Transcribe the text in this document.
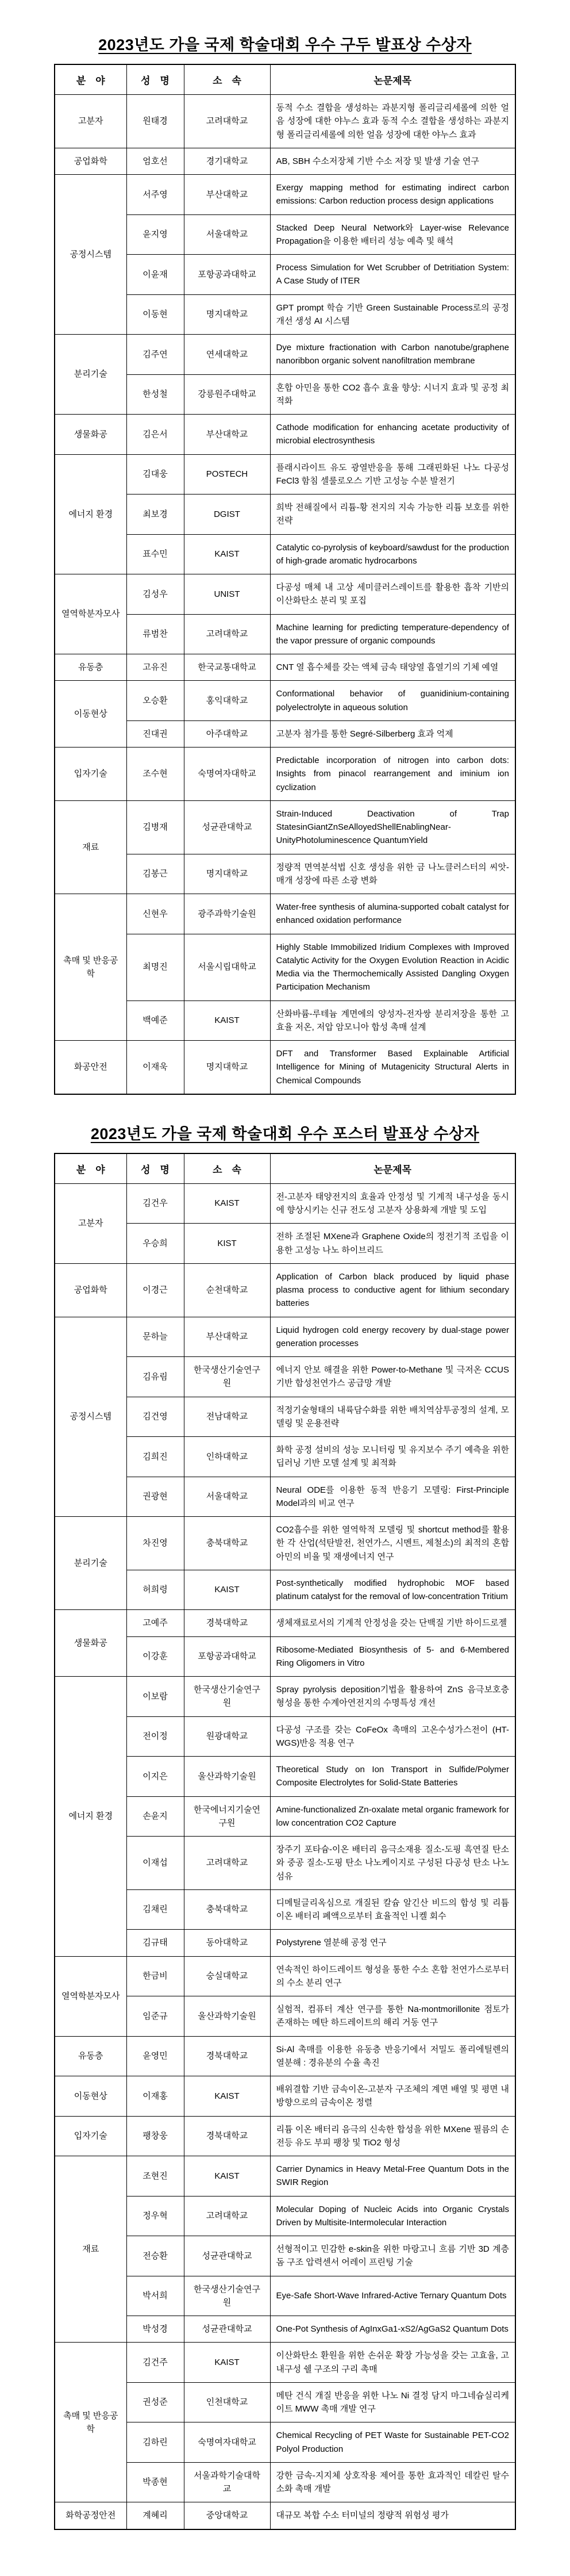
2023년도 가을 국제 학술대회 우수 구두 발표상 수상자
분　야	성　명	소　속	논문제목
고분자	원태경	고려대학교	동적 수소 결합을 생성하는 과분지형 폴리글리세롤에 의한 얼음 성장에 대한 야누스 효과 동적 수소 결합을 생성하는 과분지형 폴리글리세롤에 의한 얼음 성장에 대한 야누스 효과
공업화학	엄호선	경기대학교	AB, SBH 수소저장체 기반 수소 저장 및 발생 기술 연구
공정시스템	서주영	부산대학교	Exergy mapping method for estimating indirect carbon emissions: Carbon reduction process design applications
	윤지영	서울대학교	Stacked Deep Neural Network와 Layer-wise Relevance Propagation을 이용한 배터리 성능 예측 및 해석
	이윤재	포항공과대학교	Process Simulation for Wet Scrubber of Detritiation System: A Case Study of ITER
	이동현	명지대학교	GPT prompt 학습 기반 Green Sustainable Process로의 공정 개선 생성 AI 시스템
분리기술	김주연	연세대학교	Dye mixture fractionation with Carbon nanotube/graphene nanoribbon organic solvent nanofiltration membrane
	한성철	강릉원주대학교	혼합 아민을 통한 CO2 흡수 효율 향상: 시너지 효과 및 공정 최적화
생물화공	김은서	부산대학교	Cathode modification for enhancing acetate productivity of microbial electrosynthesis
에너지 환경	김대웅	POSTECH	플래시라이트 유도 광열반응을 통해 그래핀화된 나노 다공성 FeCl3 함침 셀룰로오스 기반 고성능 수분 발전기
	최보경	DGIST	희박 전해질에서 리튬-황 전지의 지속 가능한 리튬 보호를 위한 전략
	표수민	KAIST	Catalytic co-pyrolysis of keyboard/sawdust for the production of high-grade aromatic hydrocarbons
열역학분자모사	김성우	UNIST	다공성 매체 내 고상 세미클러스레이트를 활용한 흡착 기반의 이산화탄소 분리 및 포집
	류범찬	고려대학교	Machine learning for predicting temperature-dependency of the vapor pressure of organic compounds
유동층	고유진	한국교통대학교	CNT 열 흡수체를 갖는 액체 금속 태양열 흡열기의 기체 예열
이동현상	오승환	홍익대학교	Conformational behavior of guanidinium-containing polyelectrolyte in aqueous solution
	진대권	아주대학교	고분자 첨가를 통한 Segré-Silberberg 효과 억제
입자기술	조수현	숙명여자대학교	Predictable incorporation of nitrogen into carbon dots: Insights from pinacol rearrangement and iminium ion cyclization
재료	김병재	성균관대학교	Strain-Induced Deactivation of Trap StatesinGiantZnSeAlloyedShellEnablingNear-UnityPhotoluminescence QuantumYield
	김봉근	명지대학교	정량적 면역분석법 신호 생성을 위한 금 나노클러스터의 씨앗-매개 성장에 따른 소광 변화
촉매 및 반응공학	신현우	광주과학기술원	Water-free synthesis of alumina-supported cobalt catalyst for enhanced oxidation performance
	최명진	서울시립대학교	Highly Stable Immobilized Iridium Complexes with Improved Catalytic Activity for the Oxygen Evolution Reaction in Acidic Media via the Thermochemically Assisted Dangling Oxygen Participation Mechanism
	백예준	KAIST	산화바륨-루테늄 계면에의 양성자-전자쌍 분리저장을 통한 고효율 저온, 저압 암모니아 합성 촉매 설계
화공안전	이재욱	명지대학교	DFT and Transformer Based Explainable Artificial Intelligence for Mining of Mutagenicity Structural Alerts in Chemical Compounds
2023년도 가을 국제 학술대회 우수 포스터 발표상 수상자
분　야	성　명	소　속	논문제목
고분자	김건우	KAIST	전-고분자 태양전지의 효율과 안정성 및 기계적 내구성을 동시에 향상시키는 신규 전도성 고분자 상용화제 개발 및 도입
	우승희	KIST	전하 조절된 MXene과 Graphene Oxide의 정전기적 조립을 이용한 고성능 나노 하이브리드
공업화학	이경근	순천대학교	Application of Carbon black produced by liquid phase plasma process to conductive agent for lithium secondary batteries
공정시스템	문하늘	부산대학교	Liquid hydrogen cold energy recovery by dual-stage power generation processes
	김유림	한국생산기술연구원	에너지 안보 해결을 위한 Power-to-Methane 및 극저온 CCUS 기반 합성천연가스 공급망 개발
	김건영	전남대학교	적정기술형태의 내륙담수화를 위한 배치역삼투공정의 설계, 모델링 및 운용전략
	김희진	인하대학교	화학 공정 설비의 성능 모니터링 및 유지보수 주기 예측을 위한 딥러닝 기반 모델 설계 및 최적화
	권광현	서울대학교	Neural ODE를 이용한 동적 반응기 모델링: First-Principle Model과의 비교 연구
분리기술	차진영	충북대학교	CO2흡수를 위한 열역학적 모델링 및 shortcut method를 활용한 각 산업(석탄발전, 천연가스, 시멘트, 제철소)의 최적의 혼합 아민의 비율 및 재생에너지 연구
	허희령	KAIST	Post-synthetically modified hydrophobic MOF based platinum catalyst for the removal of low-concentration Tritium
생물화공	고예주	경북대학교	생체재료로서의 기계적 안정성을 갖는 단백질 기반 하이드로젤
	이강훈	포항공과대학교	Ribosome-Mediated Biosynthesis of 5- and 6-Membered Ring Oligomers in Vitro
에너지 환경	이보람	한국생산기술연구원	Spray pyrolysis deposition기법을 활용하여 ZnS 음극보호층 형성을 통한 수계아연전지의 수명특성 개선
	전이정	원광대학교	다공성 구조를 갖는 CoFeOx 촉매의 고온수성가스전이 (HT-WGS)반응 적용 연구
	이지은	울산과학기술원	Theoretical Study on Ion Transport in Sulfide/Polymer Composite Electrolytes for Solid-State Batteries
	손윤지	한국에너지기술연구원	Amine-functionalized Zn-oxalate metal organic framework for low concentration CO2 Capture
	이재섭	고려대학교	장주기 포타슘-이온 배터리 음극소재용 질소-도핑 흑연질 탄소와 중공 질소-도핑 탄소 나노케이지로 구성된 다공성 탄소 나노섬유
	김채린	충북대학교	디메틸글리옥심으로 개질된 칼슘 알긴산 비드의 합성 및 리튬 이온 배터리 폐액으로부터 효율적인 니켈 회수
	김규태	동아대학교	Polystyrene 열분해 공정 연구
열역학분자모사	한금비	숭실대학교	연속적인 하이드레이트 형성을 통한 수소 혼합 천연가스로부터의 수소 분리 연구
	임준규	울산과학기술원	실험적, 컴퓨터 계산 연구를 통한 Na-montmorillonite 점토가 존재하는 메탄 하드레이트의 해리 거동 연구
유동층	윤영민	경북대학교	Si-Al 촉매를 이용한 유동층 반응기에서 저밀도 폴리에틸렌의 열분해 : 경유분의 수율 촉진
이동현상	이재홍	KAIST	배위결합 기반 금속이온-고분자 구조체의 계면 배열 및 평면 내 방향으로의 금속이온 정렬
입자기술	팽창웅	경북대학교	리튬 이온 배터리 음극의 신속한 합성을 위한 MXene 필름의 손전등 유도 부피 팽창 및 TiO2 형성
재료	조현진	KAIST	Carrier Dynamics in Heavy Metal-Free Quantum Dots in the SWIR Region
	정우혁	고려대학교	Molecular Doping of Nucleic Acids into Organic Crystals Driven by Multisite-Intermolecular Interaction
	전승환	성균관대학교	선형적이고 민감한 e-skin을 위한 마랑고니 흐름 기반 3D 계층돔 구조 압력센서 어레이 프린팅 기술
	박서희	한국생산기술연구원	Eye-Safe Short-Wave Infrared-Active Ternary Quantum Dots
	박성경	성균관대학교	One-Pot Synthesis of AgInxGa1-xS2/AgGaS2 Quantum Dots
촉매 및 반응공학	김건주	KAIST	이산화탄소 환원을 위한 손쉬운 확장 가능성을 갖는 고효율, 고내구성 쉘 구조의 구리 촉매
	권성준	인천대학교	메탄 건식 개질 반응을 위한 나노 Ni 결정 담지 마그네슘실리케이트 MWW 촉매 개발 연구
	김하린	숙명여자대학교	Chemical Recycling of PET Waste for Sustainable PET-CO2 Polyol Production
	박종현	서울과학기술대학교	강한 금속-지지체 상호작용 제어를 통한 효과적인 데칼린 탈수소화 촉매 개발
화학공정안전	계혜리	중앙대학교	대규모 복합 수소 터미널의 정량적 위험성 평가
